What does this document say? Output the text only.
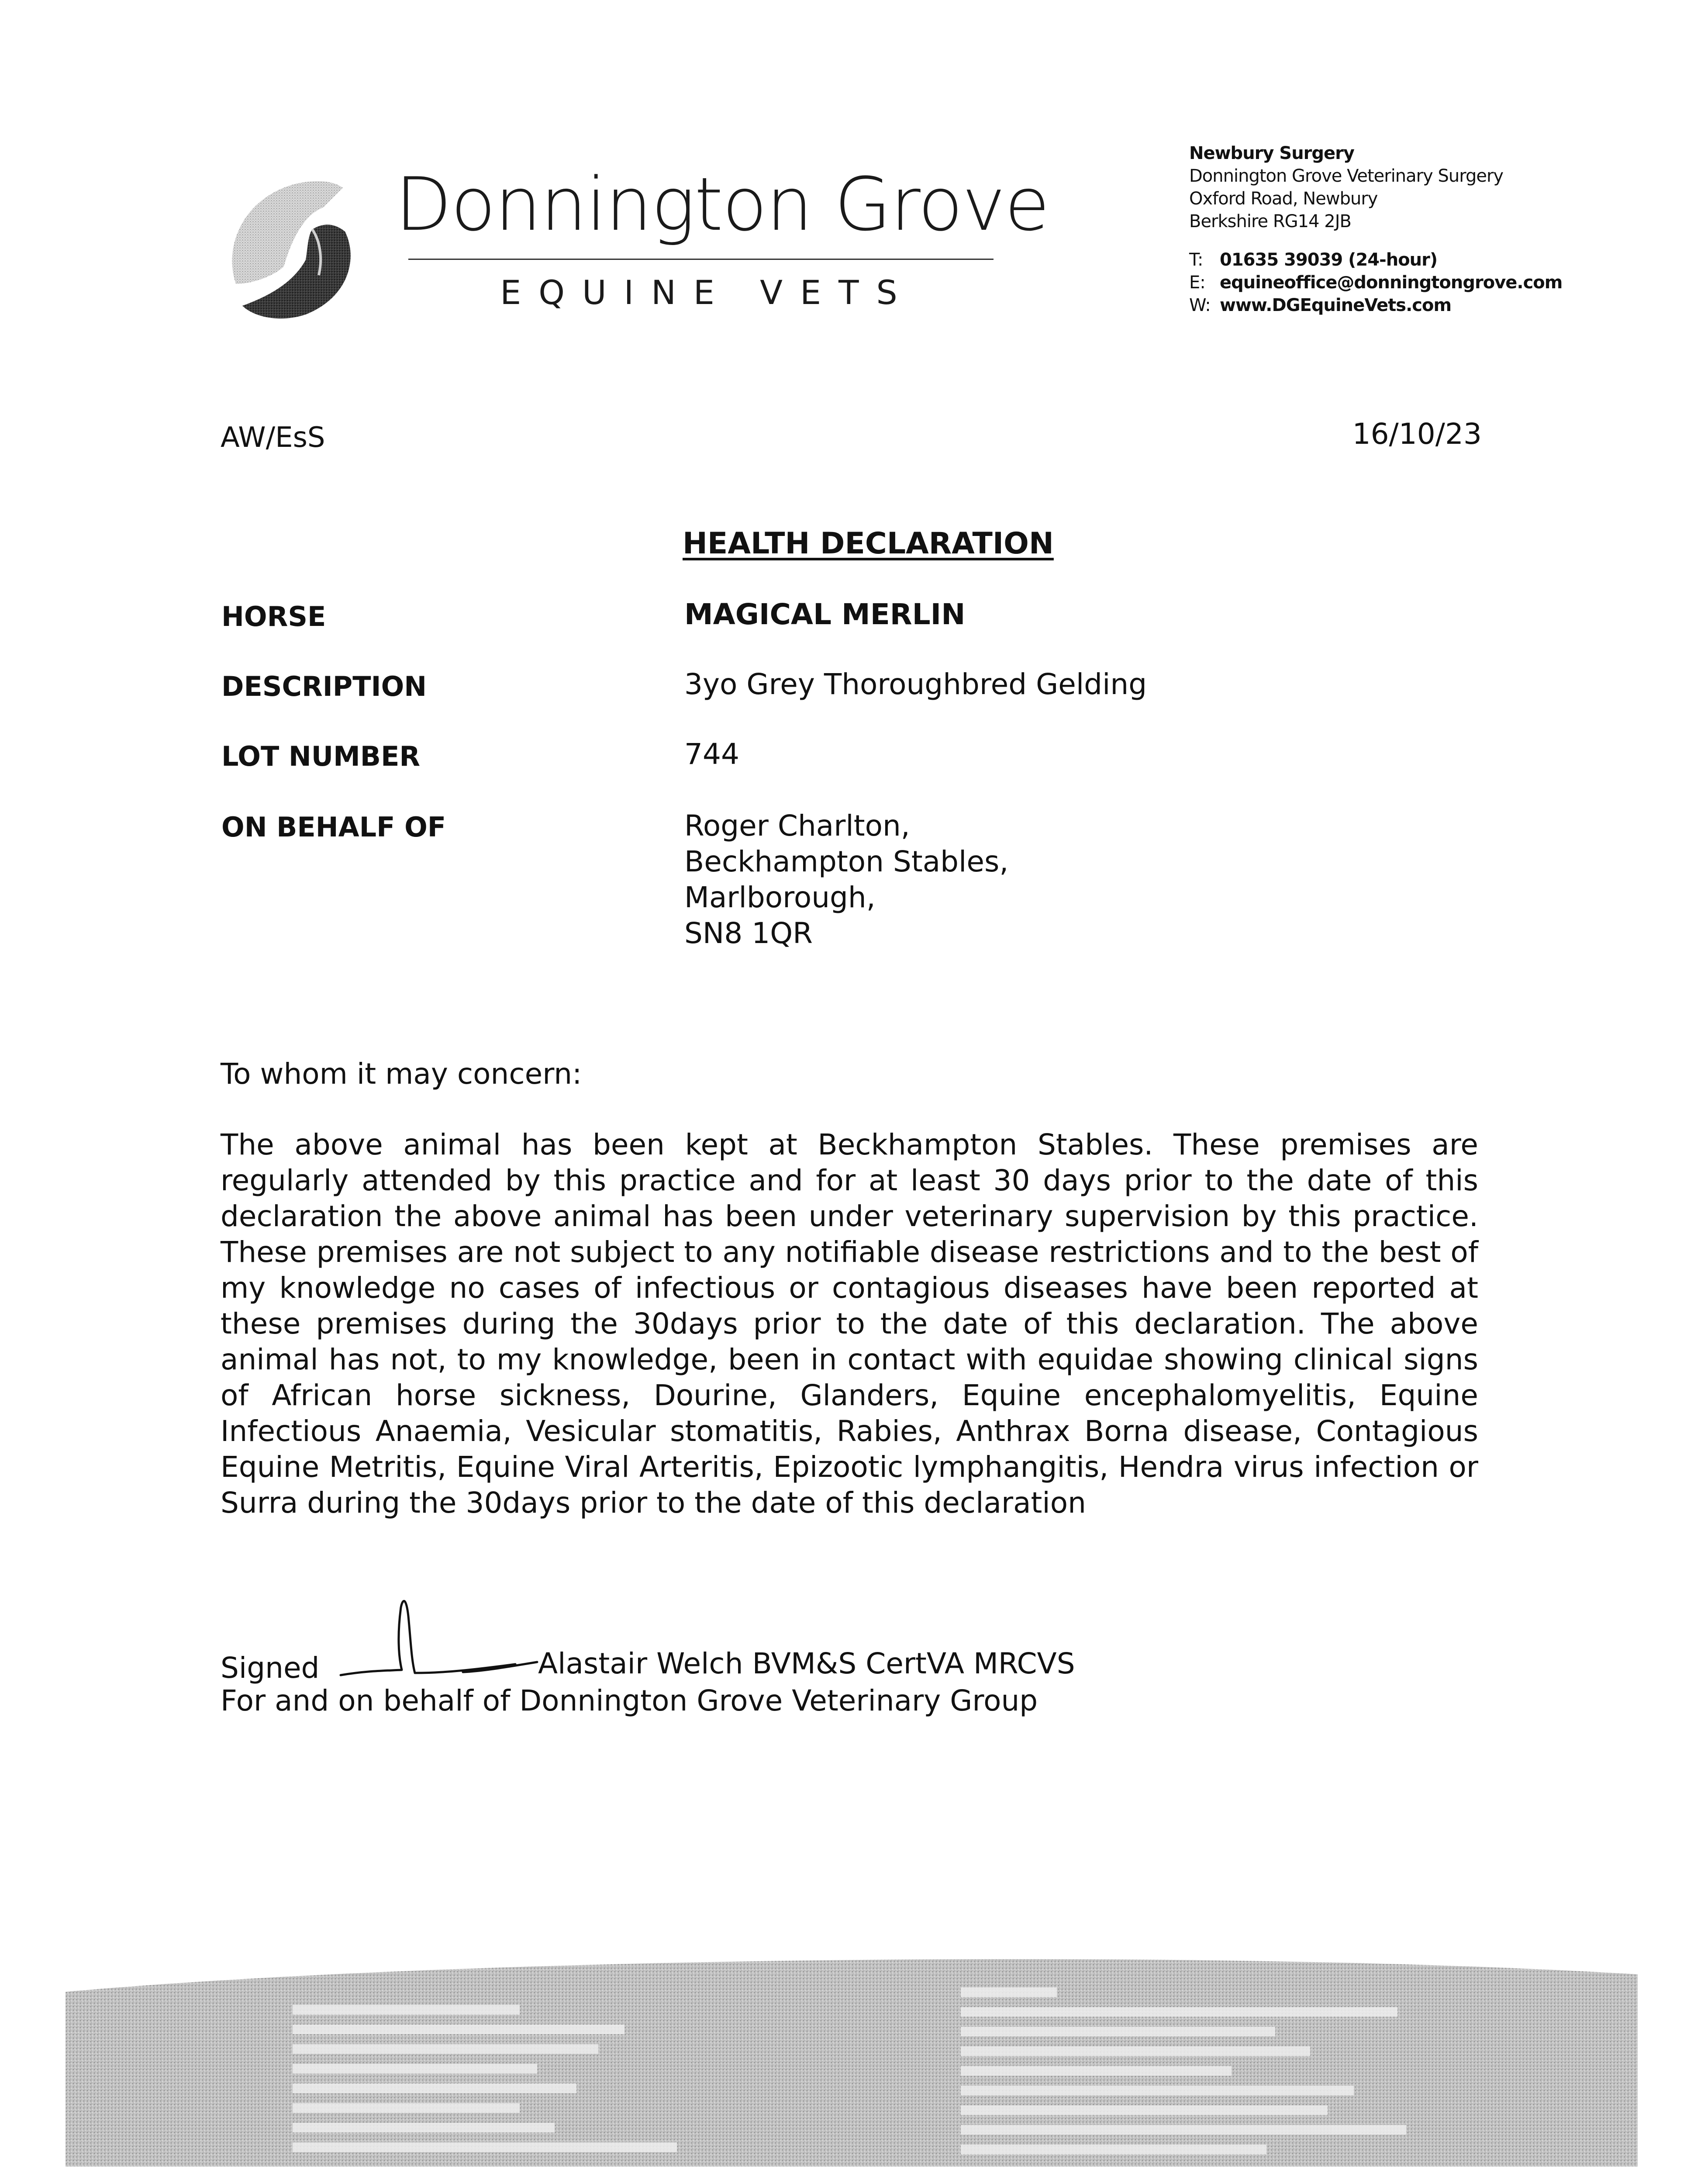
Donnington Grove
EQUINE VETS
Newbury Surgery
Donnington Grove Veterinary Surgery
Oxford Road, Newbury
Berkshire RG14 2JB
T: 01635 39039 (24-hour)
E: equineoffice@donningtongrove.com
W: www.DGEquineVets.com
AW/EsS	16/10/23
HEALTH DECLARATION
HORSE	MAGICAL MERLIN
DESCRIPTION	3yo Grey Thoroughbred Gelding
LOT NUMBER	744
ON BEHALF OF	Roger Charlton,
Beckhampton Stables,
Marlborough,
SN8 1QR
To whom it may concern:
The above animal has been kept at Beckhampton Stables. These premises are regularly attended by this practice and for at least 30 days prior to the date of this declaration the above animal has been under veterinary supervision by this practice. These premises are not subject to any notifiable disease restrictions and to the best of my knowledge no cases of infectious or contagious diseases have been reported at these premises during the 30days prior to the date of this declaration. The above animal has not, to my knowledge, been in contact with equidae showing clinical signs of African horse sickness, Dourine, Glanders, Equine encephalomyelitis, Equine Infectious Anaemia, Vesicular stomatitis, Rabies, Anthrax Borna disease, Contagious Equine Metritis, Equine Viral Arteritis, Epizootic lymphangitis, Hendra virus infection or Surra during the 30days prior to the date of this declaration
Signed	Alastair Welch BVM&S CertVA MRCVS
For and on behalf of Donnington Grove Veterinary Group
